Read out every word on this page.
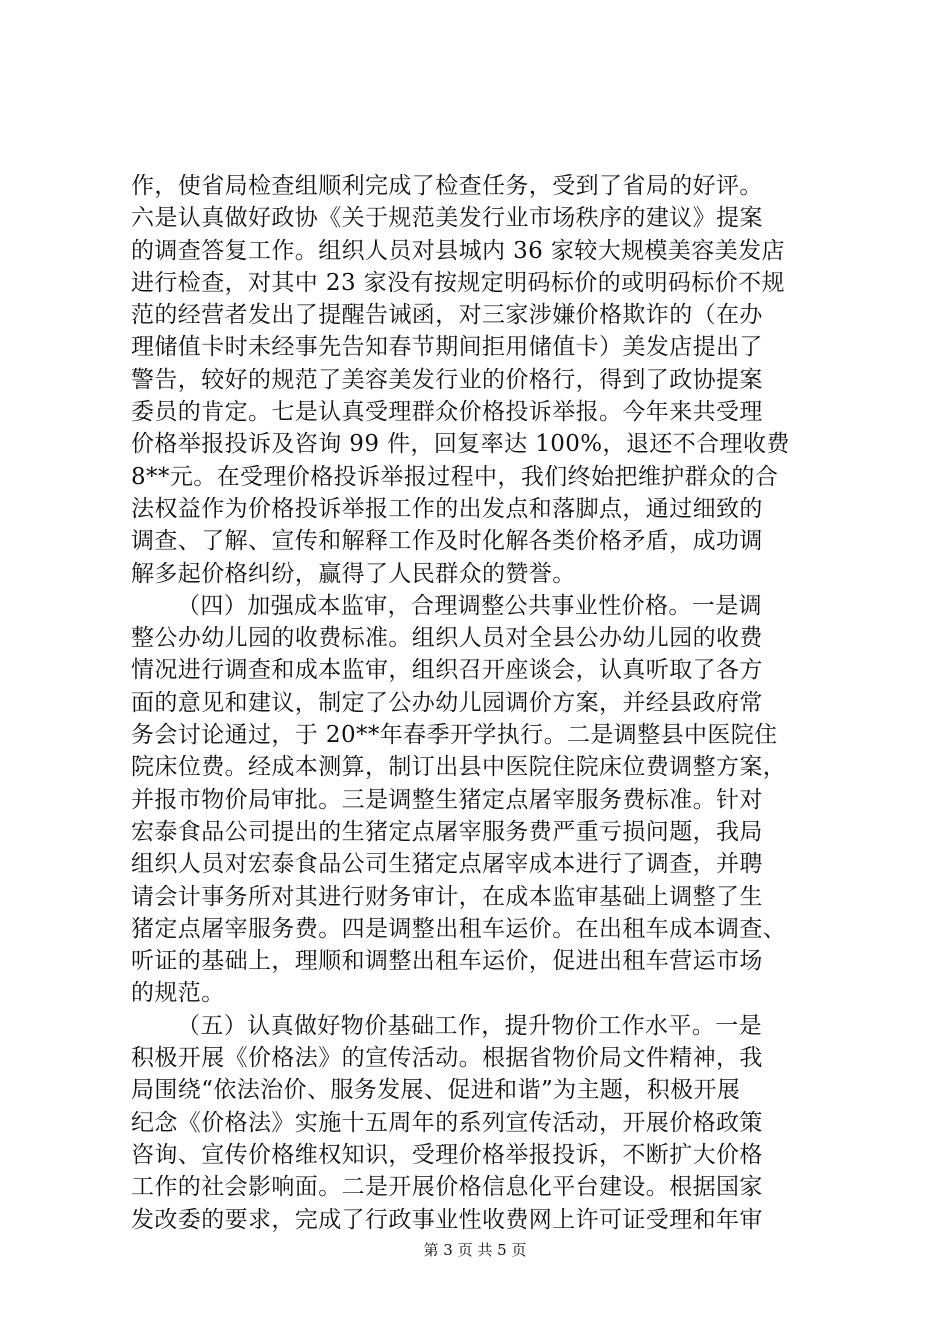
作，使省局检查组顺利完成了检查任务，受到了省局的好评。
六是认真做好政协《关于规范美发行业市场秩序的建议》提案
的调查答复工作。组织人员对县城内 36 家较大规模美容美发店
进行检查，对其中 23 家没有按规定明码标价的或明码标价不规
范的经营者发出了提醒告诫函，对三家涉嫌价格欺诈的（在办
理储值卡时未经事先告知春节期间拒用储值卡）美发店提出了
警告，较好的规范了美容美发行业的价格行，得到了政协提案
委员的肯定。七是认真受理群众价格投诉举报。今年来共受理
价格举报投诉及咨询 99 件，回复率达 100%，退还不合理收费
8**元。在受理价格投诉举报过程中，我们终始把维护群众的合
法权益作为价格投诉举报工作的出发点和落脚点，通过细致的
调查、了解、宣传和解释工作及时化解各类价格矛盾，成功调
解多起价格纠纷，赢得了人民群众的赞誉。
（四）加强成本监审，合理调整公共事业性价格。一是调
整公办幼儿园的收费标准。组织人员对全县公办幼儿园的收费
情况进行调查和成本监审，组织召开座谈会，认真听取了各方
面的意见和建议，制定了公办幼儿园调价方案，并经县政府常
务会讨论通过，于 20**年春季开学执行。二是调整县中医院住
院床位费。经成本测算，制订出县中医院住院床位费调整方案，
并报市物价局审批。三是调整生猪定点屠宰服务费标准。针对
宏泰食品公司提出的生猪定点屠宰服务费严重亏损问题，我局
组织人员对宏泰食品公司生猪定点屠宰成本进行了调查，并聘
请会计事务所对其进行财务审计，在成本监审基础上调整了生
猪定点屠宰服务费。四是调整出租车运价。在出租车成本调查、
听证的基础上，理顺和调整出租车运价，促进出租车营运市场
的规范。
（五）认真做好物价基础工作，提升物价工作水平。一是
积极开展《价格法》的宣传活动。根据省物价局文件精神，我
局围绕“依法治价、服务发展、促进和谐”为主题，积极开展
纪念《价格法》实施十五周年的系列宣传活动，开展价格政策
咨询、宣传价格维权知识，受理价格举报投诉，不断扩大价格
工作的社会影响面。二是开展价格信息化平台建设。根据国家
发改委的要求，完成了行政事业性收费网上许可证受理和年审
第 3 页 共 5 页
